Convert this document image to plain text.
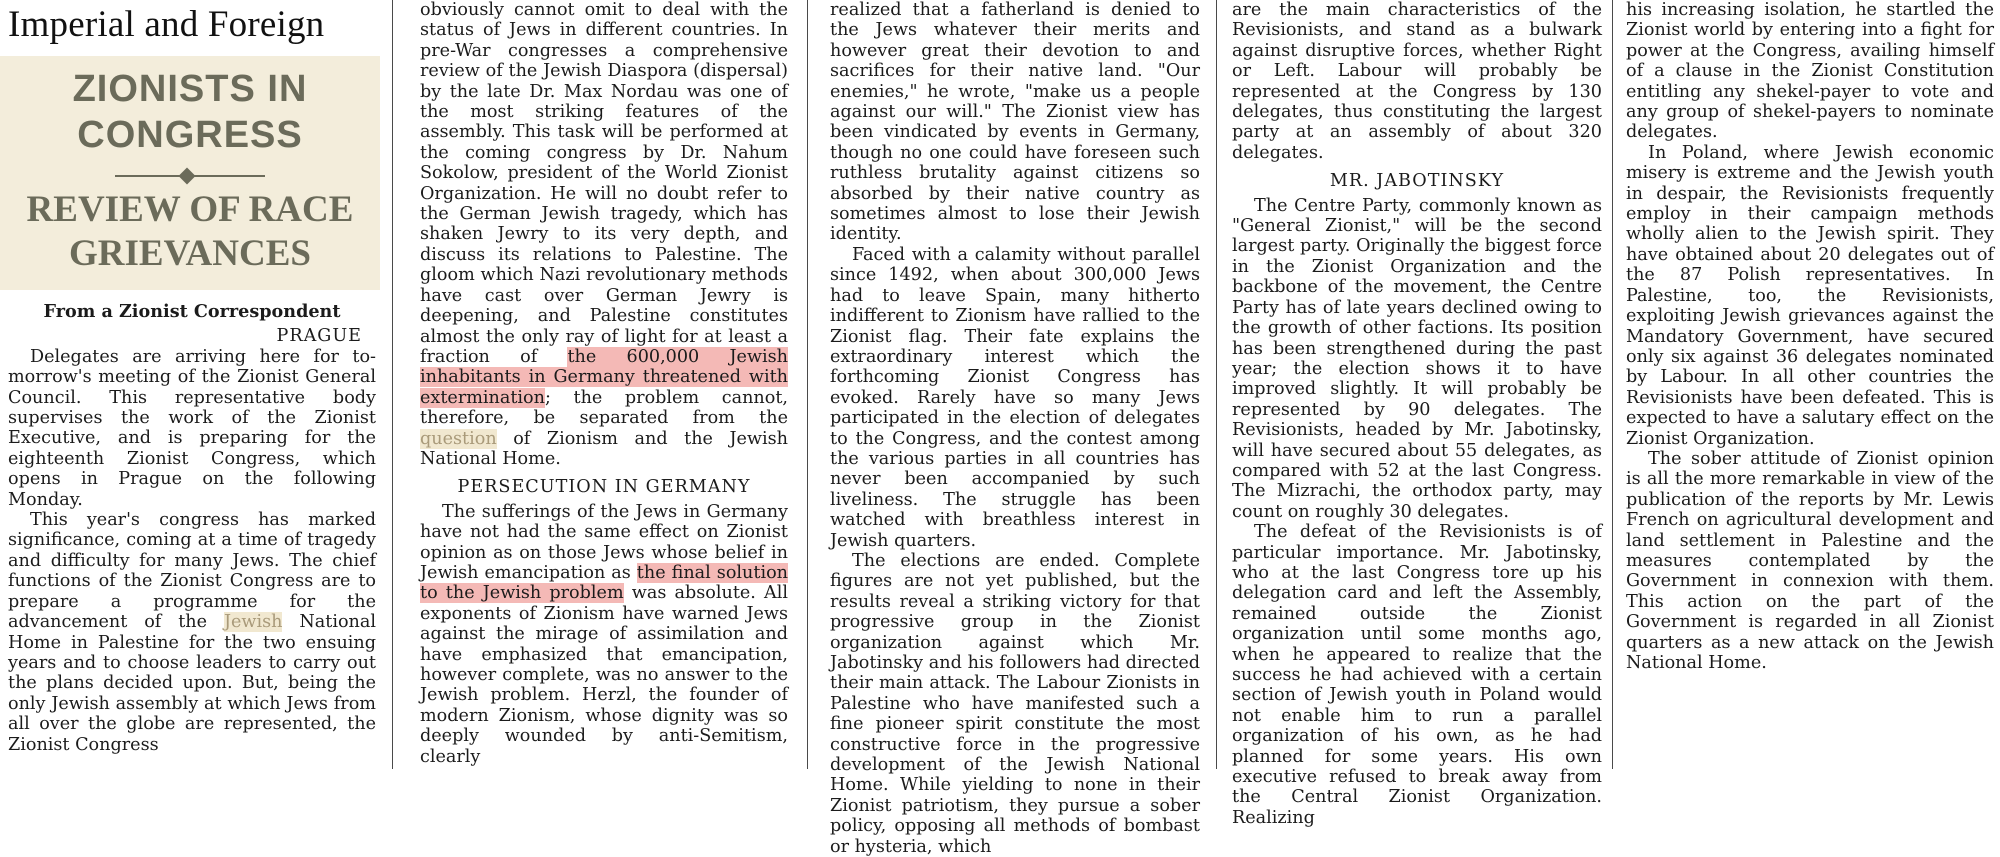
Imperial and Foreign
ZIONISTS IN CONGRESS
REVIEW OF RACE GRIEVANCES
From a Zionist Correspondent
PRAGUE

Delegates are arriving here for to-morrow's meeting of the Zionist General Council. This representative body supervises the work of the Zionist Executive, and is preparing for the eighteenth Zionist Congress, which opens in Prague on the following Monday.

This year's congress has marked significance, coming at a time of tragedy and difficulty for many Jews. The chief functions of the Zionist Congress are to prepare a programme for the advancement of the Jewish National Home in Palestine for the two ensuing years and to choose leaders to carry out the plans decided upon. But, being the only Jewish assembly at which Jews from all over the globe are represented, the Zionist Congress

obviously cannot omit to deal with the status of Jews in different countries. In pre-War congresses a comprehensive review of the Jewish Diaspora (dispersal) by the late Dr. Max Nordau was one of the most striking features of the assembly. This task will be performed at the coming congress by Dr. Nahum Sokolow, president of the World Zionist Organization. He will no doubt refer to the German Jewish tragedy, which has shaken Jewry to its very depth, and discuss its relations to Palestine. The gloom which Nazi revolutionary methods have cast over German Jewry is deepening, and Palestine constitutes almost the only ray of light for at least a fraction of the 600,000 Jewish inhabitants in Germany threatened with extermination; the problem cannot, therefore, be separated from the question of Zionism and the Jewish National Home.

PERSECUTION IN GERMANY

The sufferings of the Jews in Germany have not had the same effect on Zionist opinion as on those Jews whose belief in Jewish emancipation as the final solution to the Jewish problem was absolute. All exponents of Zionism have warned Jews against the mirage of assimilation and have emphasized that emancipation, however complete, was no answer to the Jewish problem. Herzl, the founder of modern Zionism, whose dignity was so deeply wounded by anti-Semitism, clearly

realized that a fatherland is denied to the Jews whatever their merits and however great their devotion to and sacrifices for their native land. "Our enemies," he wrote, "make us a people against our will." The Zionist view has been vindicated by events in Germany, though no one could have foreseen such ruthless brutality against citizens so absorbed by their native country as sometimes almost to lose their Jewish identity.

Faced with a calamity without parallel since 1492, when about 300,000 Jews had to leave Spain, many hitherto indifferent to Zionism have rallied to the Zionist flag. Their fate explains the extraordinary interest which the forthcoming Zionist Congress has evoked. Rarely have so many Jews participated in the election of delegates to the Congress, and the contest among the various parties in all countries has never been accompanied by such liveliness. The struggle has been watched with breathless interest in Jewish quarters.

The elections are ended. Complete figures are not yet published, but the results reveal a striking victory for that progressive group in the Zionist organization against which Mr. Jabotinsky and his followers had directed their main attack. The Labour Zionists in Palestine who have manifested such a fine pioneer spirit constitute the most constructive force in the progressive development of the Jewish National Home. While yielding to none in their Zionist patriotism, they pursue a sober policy, opposing all methods of bombast or hysteria, which

are the main characteristics of the Revisionists, and stand as a bulwark against disruptive forces, whether Right or Left. Labour will probably be represented at the Congress by 130 delegates, thus constituting the largest party at an assembly of about 320 delegates.

MR. JABOTINSKY

The Centre Party, commonly known as "General Zionist," will be the second largest party. Originally the biggest force in the Zionist Organization and the backbone of the movement, the Centre Party has of late years declined owing to the growth of other factions. Its position has been strengthened during the past year; the election shows it to have improved slightly. It will probably be represented by 90 delegates. The Revisionists, headed by Mr. Jabotinsky, will have secured about 55 delegates, as compared with 52 at the last Congress. The Mizrachi, the orthodox party, may count on roughly 30 delegates.

The defeat of the Revisionists is of particular importance. Mr. Jabotinsky, who at the last Congress tore up his delegation card and left the Assembly, remained outside the Zionist organization until some months ago, when he appeared to realize that the success he had achieved with a certain section of Jewish youth in Poland would not enable him to run a parallel organization of his own, as he had planned for some years. His own executive refused to break away from the Central Zionist Organization. Realizing

his increasing isolation, he startled the Zionist world by entering into a fight for power at the Congress, availing himself of a clause in the Zionist Constitution entitling any shekel-payer to vote and any group of shekel-payers to nominate delegates.

In Poland, where Jewish economic misery is extreme and the Jewish youth in despair, the Revisionists frequently employ in their campaign methods wholly alien to the Jewish spirit. They have obtained about 20 delegates out of the 87 Polish representatives. In Palestine, too, the Revisionists, exploiting Jewish grievances against the Mandatory Government, have secured only six against 36 delegates nominated by Labour. In all other countries the Revisionists have been defeated. This is expected to have a salutary effect on the Zionist Organization.

The sober attitude of Zionist opinion is all the more remarkable in view of the publication of the reports by Mr. Lewis French on agricultural development and land settlement in Palestine and the measures contemplated by the Government in connexion with them. This action on the part of the Government is regarded in all Zionist quarters as a new attack on the Jewish National Home.
